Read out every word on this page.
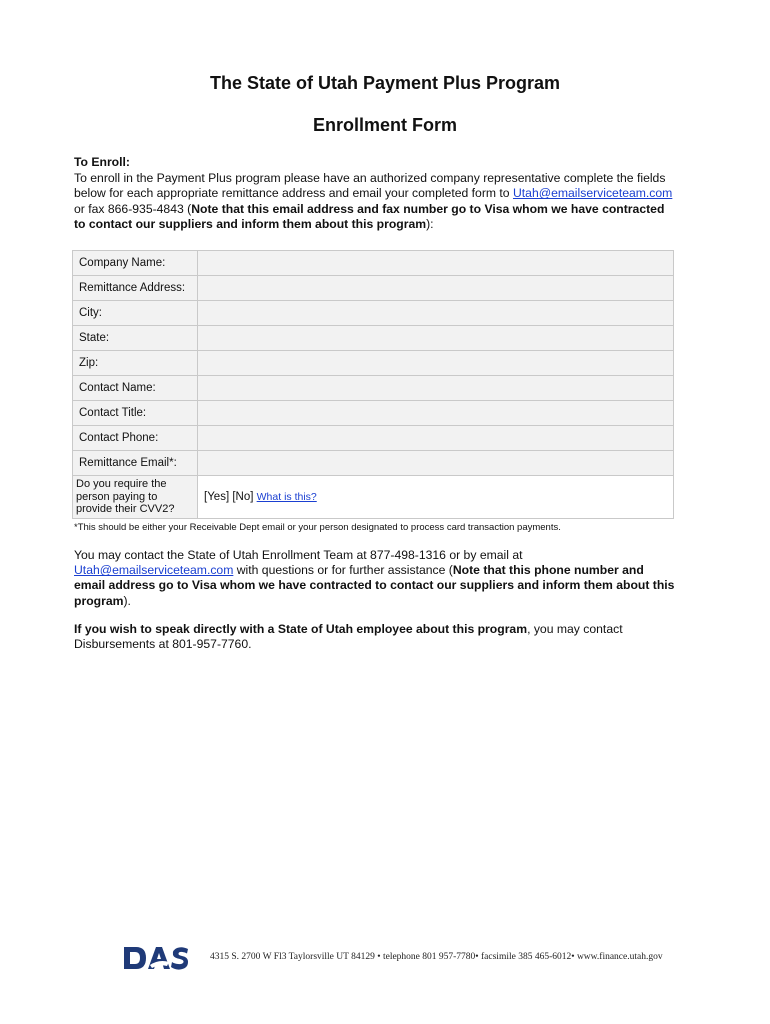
The State of Utah Payment Plus Program
Enrollment Form
To Enroll:
To enroll in the Payment Plus program please have an authorized company representative complete the fields below for each appropriate remittance address and email your completed form to Utah@emailserviceteam.com or fax 866-935-4843 (Note that this email address and fax number go to Visa whom we have contracted to contact our suppliers and inform them about this program):
Company Name:	
Remittance Address:	
City:	
State:	
Zip:	
Contact Name:	
Contact Title:	
Contact Phone:	
Remittance Email*:	
Do you require the person paying to provide their CVV2?	[Yes] [No] What is this?
*This should be either your Receivable Dept email or your person designated to process card transaction payments.
You may contact the State of Utah Enrollment Team at 877-498-1316 or by email at Utah@emailserviceteam.com with questions or for further assistance (Note that this phone number and email address go to Visa whom we have contracted to contact our suppliers and inform them about this program).
If you wish to speak directly with a State of Utah employee about this program, you may contact Disbursements at 801-957-7760.
4315 S. 2700 W Fl3 Taylorsville UT 84129 • telephone 801 957-7780• facsimile 385 465-6012• www.finance.utah.gov
